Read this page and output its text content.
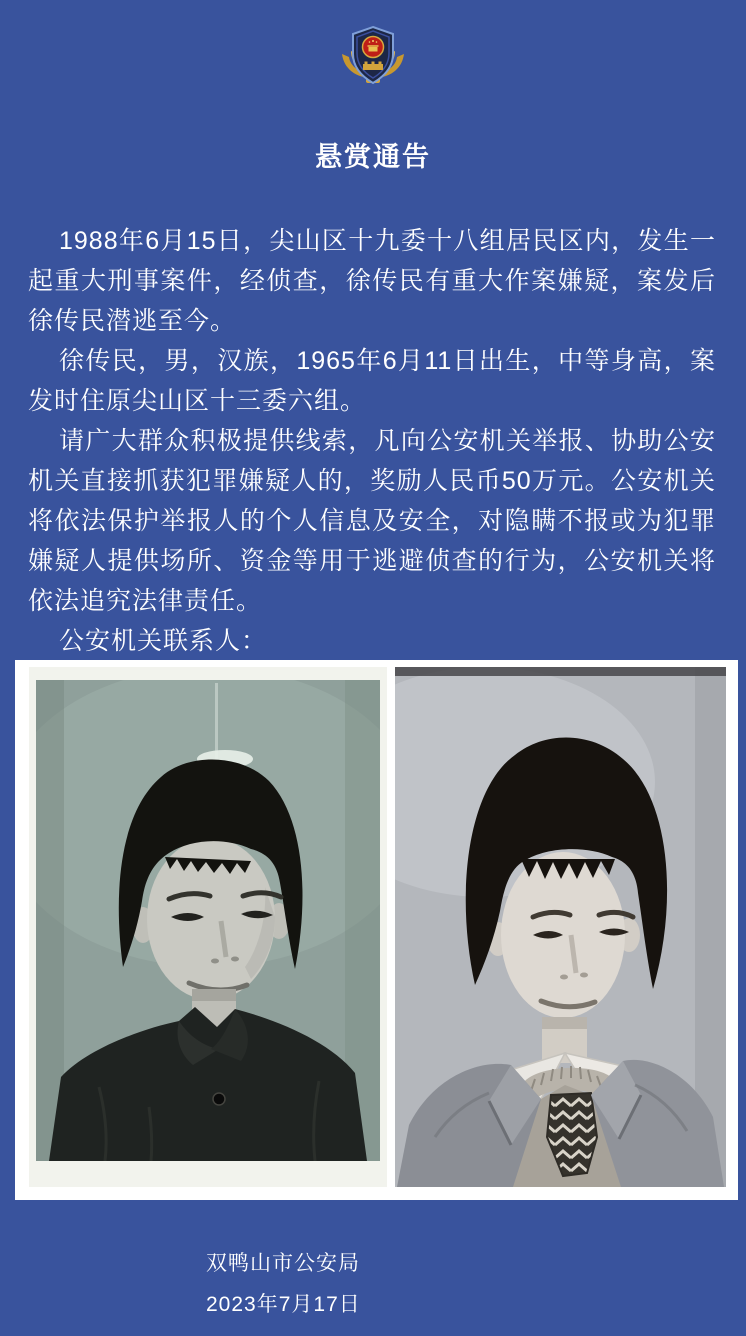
悬赏通告

1988年6月15日，尖山区十九委十八组居民区内，发生一起重大刑事案件，经侦查，徐传民有重大作案嫌疑，案发后徐传民潜逃至今。

徐传民，男，汉族，1965年6月11日出生，中等身高，案发时住原尖山区十三委六组。

请广大群众积极提供线索，凡向公安机关举报、协助公安机关直接抓获犯罪嫌疑人的，奖励人民币50万元。公安机关将依法保护举报人的个人信息及安全，对隐瞒不报或为犯罪嫌疑人提供场所、资金等用于逃避侦查的行为，公安机关将依法追究法律责任。

公安机关联系人：

双鸭山市公安局
2023年7月17日
